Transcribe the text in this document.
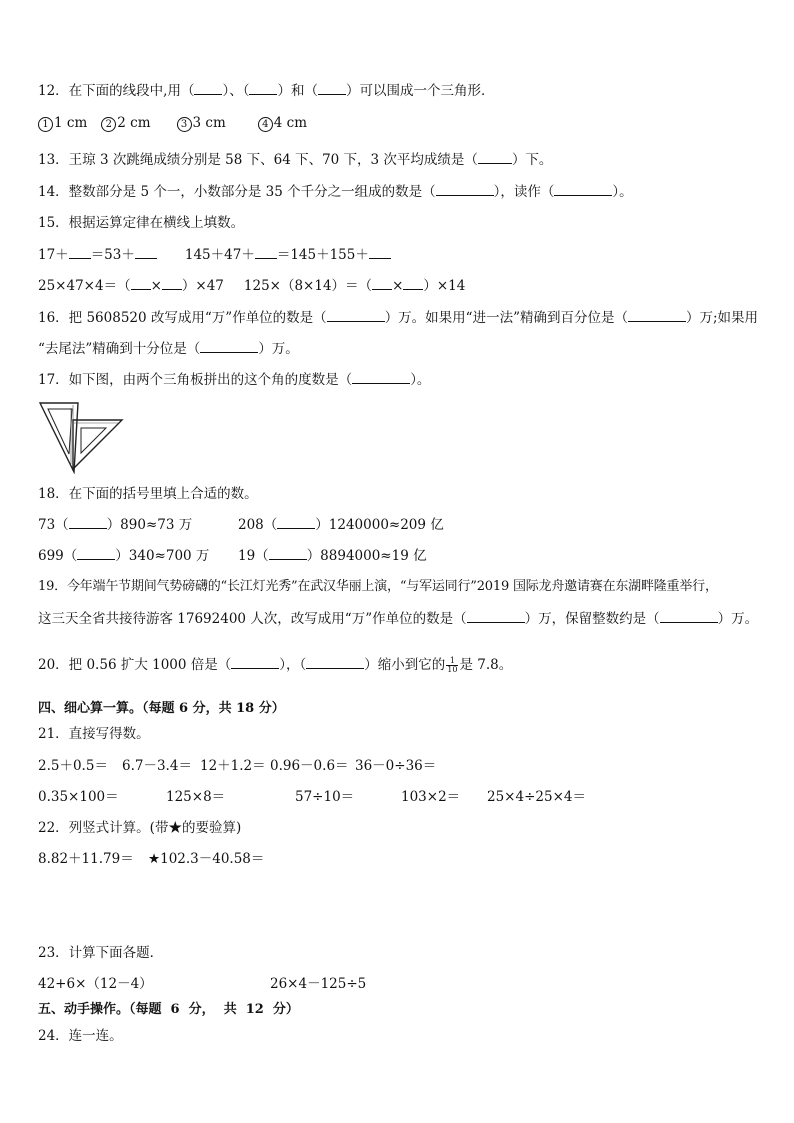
12．在下面的线段中,用（ ）、（ ）和（ ）可以围成一个三角形．
1 1 cm 2 2 cm	3 3 cm	4 4 cm
13．王琼 3 次跳绳成绩分别是 58 下、64 下、70 下，3 次平均成绩是（	）下。
14．整数部分是 5 个一，小数部分是 35 个千分之一组成的数是（	），读作（	）。
15．根据运算定律在横线上填数。
17＋ ＝53＋	145＋47＋ ＝145＋155＋
25×47×4＝（ × ）×47 125×（8×14）＝（ × ）×14
16．把 5608520 改写成用“万”作单位的数是（	）万。如果用“进一法”精确到百分位是（	）万;如果用
“去尾法”精确到十分位是（	）万。
17．如下图，由两个三角板拼出的这个角的度数是（	）。
18．在下面的括号里填上合适的数。
73（	）890≈73 万	208（	）1240000≈209 亿
699（	）340≈700 万 19（	）8894000≈19 亿
19．今年端午节期间气势磅礴的“长江灯光秀”在武汉华丽上演，“与军运同行”2019 国际龙舟邀请赛在东湖畔隆重举行，
这三天全省共接待游客 17692400 人次，改写成用“万”作单位的数是（	）万，保留整数约是（	）万。
20．把 0.56 扩大 1000 倍是（	），（	）缩小到它的 $\frac{1}{10}$ 是 7.8。
四、细心算一算。（每题 6 分，共 18 分）
21．直接写得数。
2.5＋0.5＝ 6.7－3.4＝ 12＋1.2＝ 0.96－0.6＝ 36－0÷36＝
0.35×100＝	125×8＝	57÷10＝	103×2＝ 25×4÷25×4＝
22．列竖式计算。(带★的要验算)
8.82＋11.79＝ ★102.3－40.58＝
23．计算下面各题．
42+6×（12－4）	26×4－125÷5
五、动手操作。（每题  6  分，  共  12  分）
24．连一连。
